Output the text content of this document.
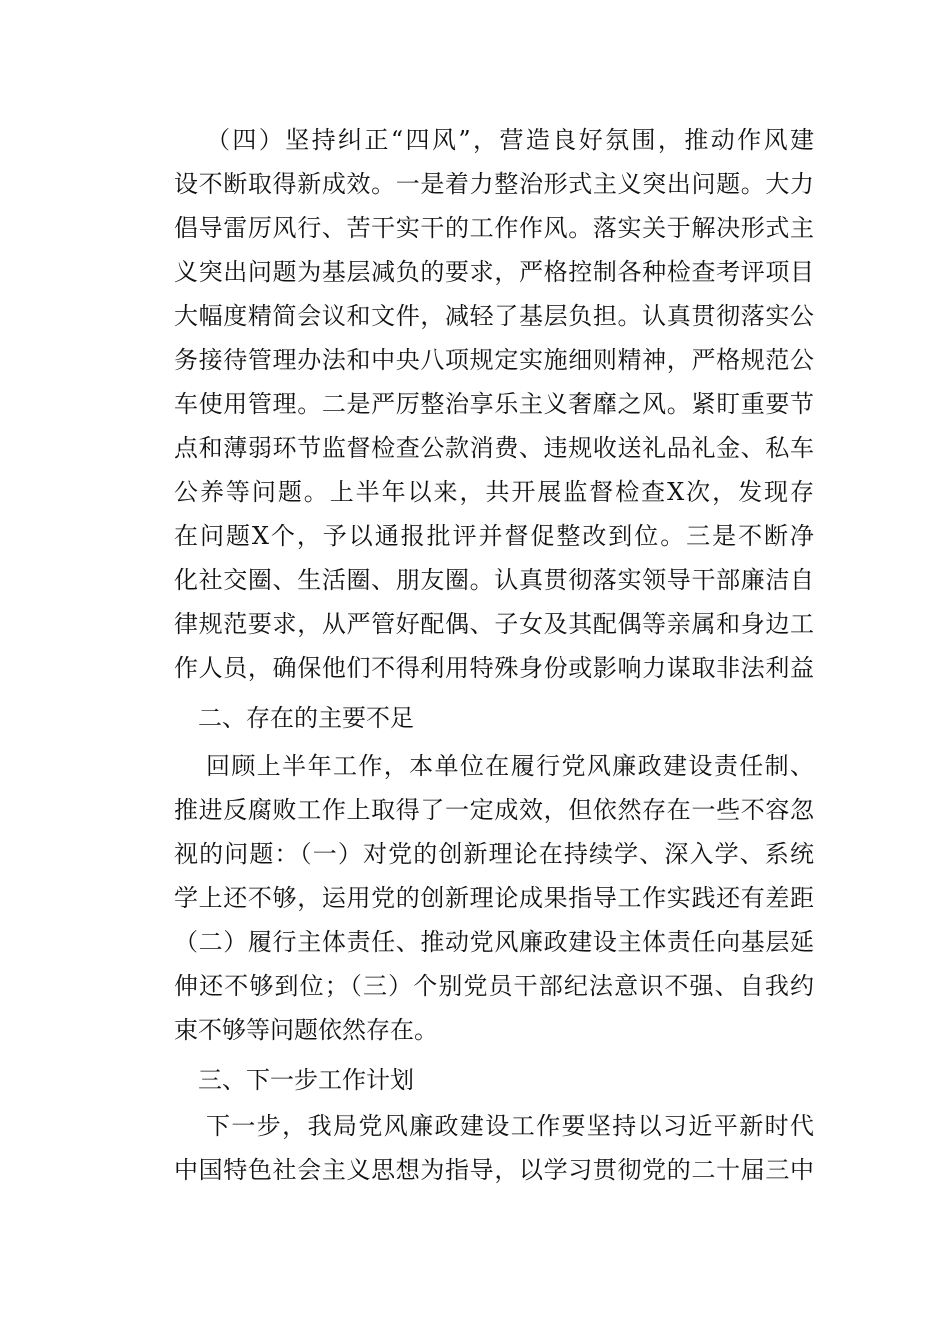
（四）坚持纠正“四风”，营造良好氛围，推动作风建
设不断取得新成效。一是着力整治形式主义突出问题。大力
倡导雷厉风行、苦干实干的工作作风。落实关于解决形式主
义突出问题为基层减负的要求，严格控制各种检查考评项目
大幅度精简会议和文件，减轻了基层负担。认真贯彻落实公
务接待管理办法和中央八项规定实施细则精神，严格规范公
车使用管理。二是严厉整治享乐主义奢靡之风。紧盯重要节
点和薄弱环节监督检查公款消费、违规收送礼品礼金、私车
公养等问题。上半年以来，共开展监督检查X次，发现存
在问题X个，予以通报批评并督促整改到位。三是不断净
化社交圈、生活圈、朋友圈。认真贯彻落实领导干部廉洁自
律规范要求，从严管好配偶、子女及其配偶等亲属和身边工
作人员，确保他们不得利用特殊身份或影响力谋取非法利益
二、存在的主要不足
回顾上半年工作，本单位在履行党风廉政建设责任制、
推进反腐败工作上取得了一定成效，但依然存在一些不容忽
视的问题：（一）对党的创新理论在持续学、深入学、系统
学上还不够，运用党的创新理论成果指导工作实践还有差距
（二）履行主体责任、推动党风廉政建设主体责任向基层延
伸还不够到位；（三）个别党员干部纪法意识不强、自我约
束不够等问题依然存在。
三、下一步工作计划
下一步，我局党风廉政建设工作要坚持以习近平新时代
中国特色社会主义思想为指导，以学习贯彻党的二十届三中
